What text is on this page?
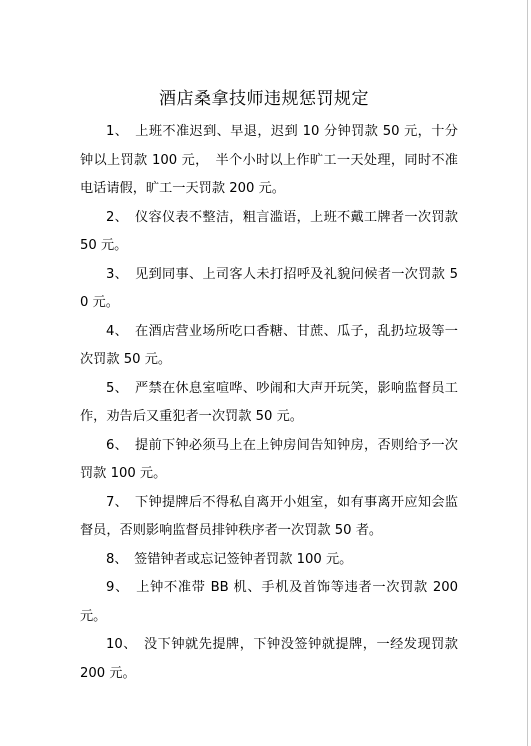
酒店桑拿技师违规惩罚规定

1、　上班不准迟到、早退，迟到 10 分钟罚款 50 元，十分钟以上罚款 100 元，　半个小时以上作旷工一天处理，同时不准电话请假，旷工一天罚款 200 元。

2、　仪容仪表不整洁，粗言滥语，上班不戴工牌者一次罚款 50 元。

3、　见到同事、上司客人未打招呼及礼貌问候者一次罚款 50 元。

4、　在酒店营业场所吃口香糖、甘蔗、瓜子，乱扔垃圾等一次罚款 50 元。

5、　严禁在休息室喧哗、吵闹和大声开玩笑，影响监督员工作，劝告后又重犯者一次罚款 50 元。

6、　提前下钟必须马上在上钟房间告知钟房，否则给予一次罚款 100 元。

7、　下钟提牌后不得私自离开小姐室，如有事离开应知会监督员，否则影响监督员排钟秩序者一次罚款 50 者。

8、　签错钟者或忘记签钟者罚款 100 元。

9、　上钟不准带 BB 机、手机及首饰等违者一次罚款 200 元。

10、　没下钟就先提牌，下钟没签钟就提牌，一经发现罚款 200 元。
